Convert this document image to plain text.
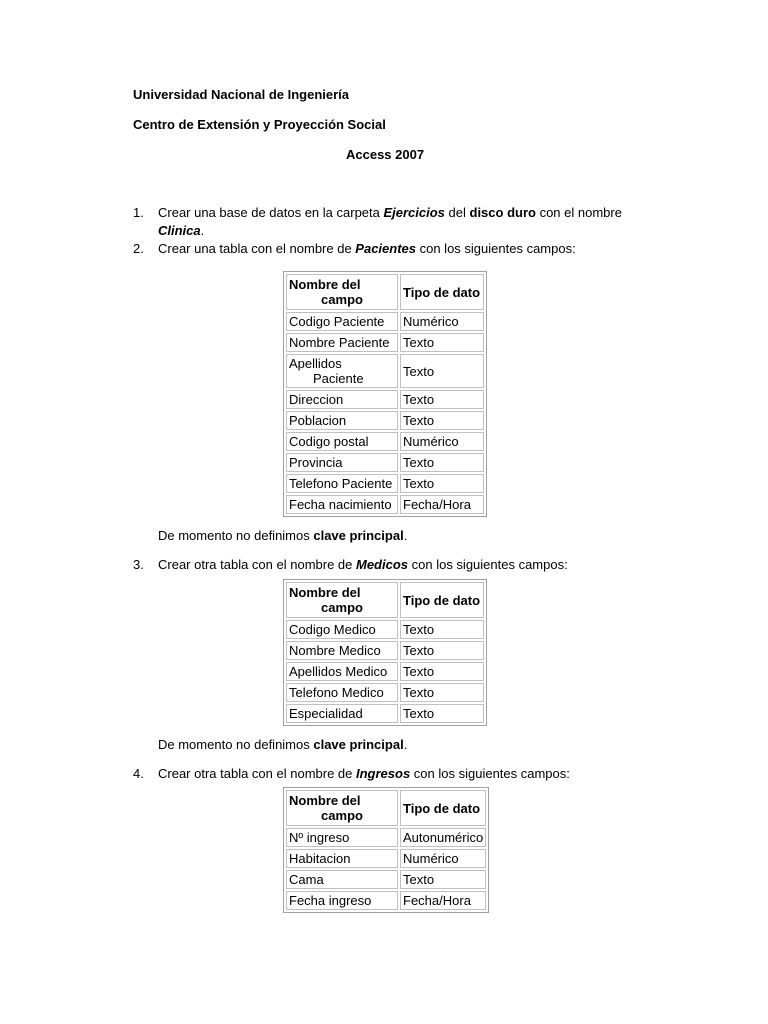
Universidad Nacional de Ingeniería
Centro de Extensión y Proyección Social
Access 2007
1. Crear una base de datos en la carpeta Ejercicios del disco duro con el nombre
Clinica.
2. Crear una tabla con el nombre de Pacientes con los siguientes campos:
Nombre del
campo	Tipo de dato
Codigo Paciente	Numérico
Nombre Paciente	Texto
Apellidos
Paciente	Texto
Direccion	Texto
Poblacion	Texto
Codigo postal	Numérico
Provincia	Texto
Telefono Paciente	Texto
Fecha nacimiento	Fecha/Hora
De momento no definimos clave principal.
3. Crear otra tabla con el nombre de Medicos con los siguientes campos:
Nombre del
campo	Tipo de dato
Codigo Medico	Texto
Nombre Medico	Texto
Apellidos Medico	Texto
Telefono Medico	Texto
Especialidad	Texto
De momento no definimos clave principal.
4. Crear otra tabla con el nombre de Ingresos con los siguientes campos:
Nombre del
campo	Tipo de dato
Nº ingreso	Autonumérico
Habitacion	Numérico
Cama	Texto
Fecha ingreso	Fecha/Hora
